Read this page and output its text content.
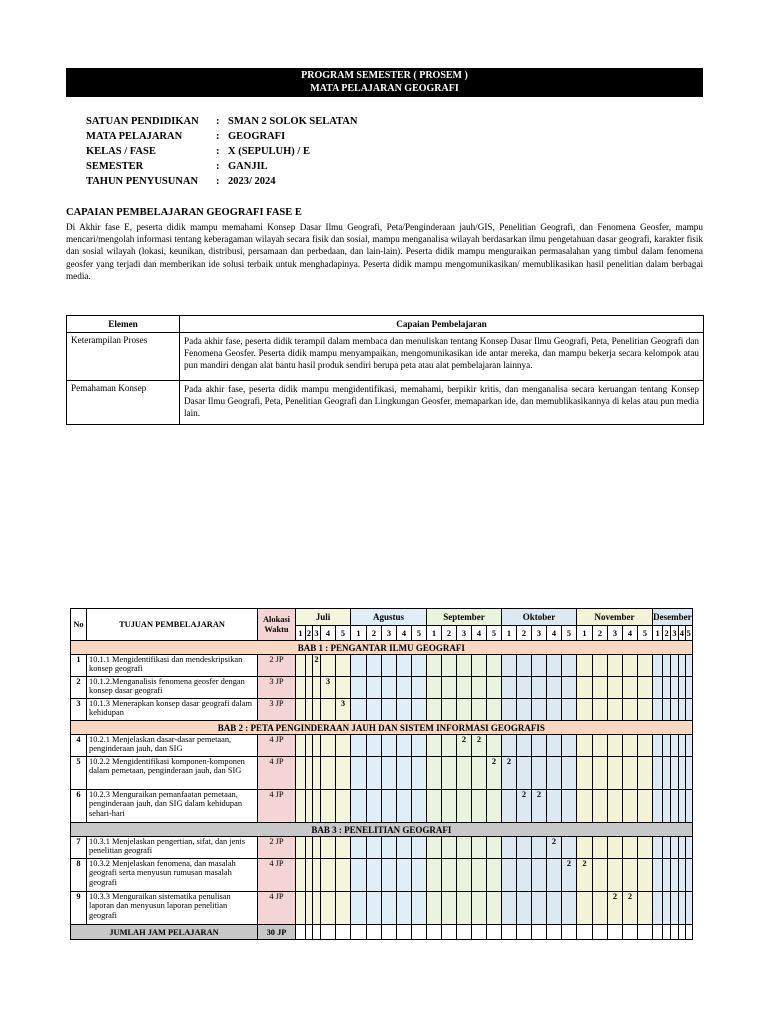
PROGRAM SEMESTER ( PROSEM )
MATA PELAJARAN GEOGRAFI
SATUAN PENDIDIKAN	:	SMAN 2 SOLOK SELATAN
MATA PELAJARAN	:	GEOGRAFI
KELAS / FASE	:	X (SEPULUH) / E
SEMESTER	:	GANJIL
TAHUN PENYUSUNAN	:	2023/ 2024
CAPAIAN PEMBELAJARAN GEOGRAFI FASE E
Di Akhir fase E, peserta didik mampu memahami Konsep Dasar Ilmu Geografi, Peta/Penginderaan jauh/GIS, Penelitian Geografi, dan Fenomena Geosfer, mampu mencari/mengolah informasi tentang keberagaman wilayah secara fisik dan sosial, mampu menganalisa wilayah berdasarkan ilmu pengetahuan dasar geografi, karakter fisik dan sosial wilayah (lokasi, keunikan, distribusi, persamaan dan perbedaan, dan lain-lain). Peserta didik mampu menguraikan permasalahan yang timbul dalam fenomena geosfer yang terjadi dan memberikan ide solusi terbaik untuk menghadapinya. Peserta didik mampu mengomunikasikan/ memublikasikan hasil penelitian dalam berbagai media.
Elemen	Capaian Pembelajaran
Keterampilan Proses	Pada akhir fase, peserta didik terampil dalam membaca dan menuliskan tentang Konsep Dasar Ilmu Geografi, Peta, Penelitian Geografi dan Fenomena Geosfer. Peserta didik mampu menyampaikan, mengomunikasikan ide antar mereka, dan mampu bekerja secara kelompok atau pun mandiri dengan alat bantu hasil produk sendiri berupa peta atau alat pembelajaran lainnya.
Pemahaman Konsep	Pada akhir fase, peserta didik mampu mengidentifikasi, memahami, berpikir kritis, dan menganalisa secara keruangan tentang Konsep Dasar Ilmu Geografi, Peta, Penelitian Geografi dan Lingkungan Geosfer, memaparkan ide, dan memublikasikannya di kelas atau pun media lain.
No	TUJUAN PEMBELAJARAN	Alokasi Waktu	Juli					Agustus					September					Oktober					November					Desember				
			1	2	3	4	5	1	2	3	4	5	1	2	3	4	5	1	2	3	4	5	1	2	3	4	5	1	2	3	4	5
BAB 1 : PENGANTAR ILMU GEOGRAFI																																
1	10.1.1 Mengidentifikasi dan mendeskripsikan konsep geografi	2 JP			2																											
2	10.1.2.Menganalisis fenomena geosfer dengan konsep dasar geografi	3 JP				3																										
3	10.1.3 Menerapkan konsep dasar geografi dalam kehidupan	3 JP					3																									
BAB 2 : PETA PENGINDERAAN JAUH DAN SISTEM INFORMASI GEOGRAFIS																																
4	10.2.1 Menjelaskan dasar-dasar pemetaan, penginderaan jauh, dan SIG	4 JP													2	2																
5	10.2.2 Mengidentifikasi komponen-komponen dalam pemetaan, penginderaan jauh, dan SIG	4 JP															2	2														
6	10.2.3 Menguraikan pemanfaatan pemetaan, penginderaan jauh, dan SIG dalam kehidupan sehari-hari	4 JP																	2	2												
BAB 3 : PENELITIAN GEOGRAFI																																
7	10.3.1 Menjelaskan pengertian, sifat, dan jenis penelitian geografi	2 JP																			2											
8	10.3.2 Menjelaskan fenomena, dan masalah geografi serta menyusun rumusan masalah geografi	4 JP																				2	2									
9	10.3.3 Menguraikan sistematika penulisan laporan dan menyusun laporan penelitian geografi	4 JP																							2	2						
JUMLAH JAM PELAJARAN		30 JP																														
